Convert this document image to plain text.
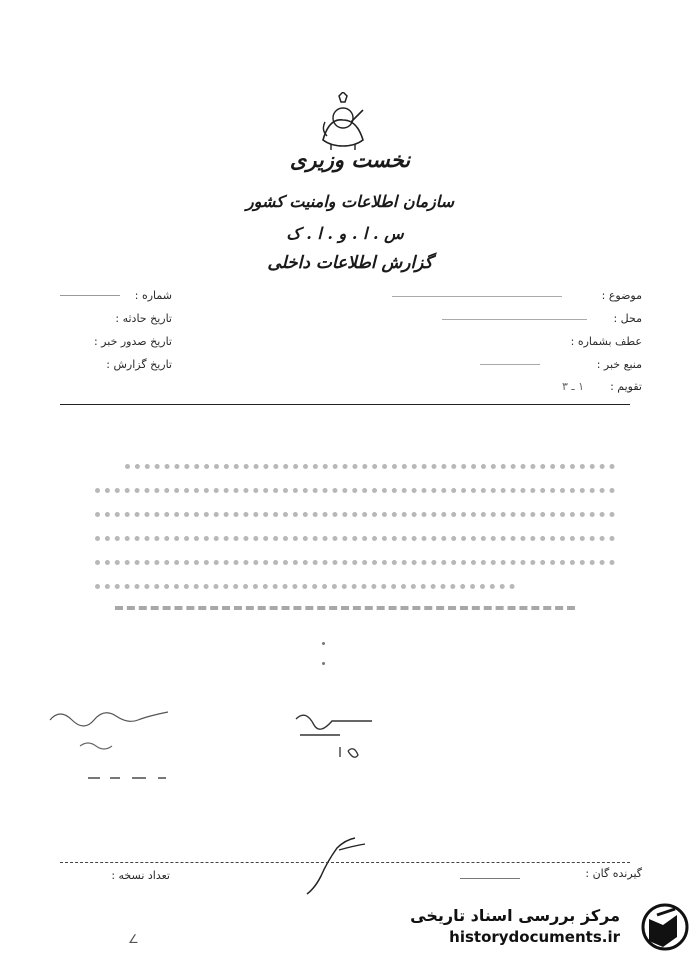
نخست وزیری
سازمان اطلاعات وامنیت کشور
س . ا . و . ا . ک
گزارش اطلاعات داخلی
موضوع :
محل :
عطف بشماره :
منبع خبر :
تقویم :
۱ ـ ۳
شماره :
تاریخ حادثه :
تاریخ صدور خبر :
تاریخ گزارش :
گیرنده گان :
تعداد نسخه :
مرکز بررسی اسناد تاریخی
historydocuments.ir
∠
